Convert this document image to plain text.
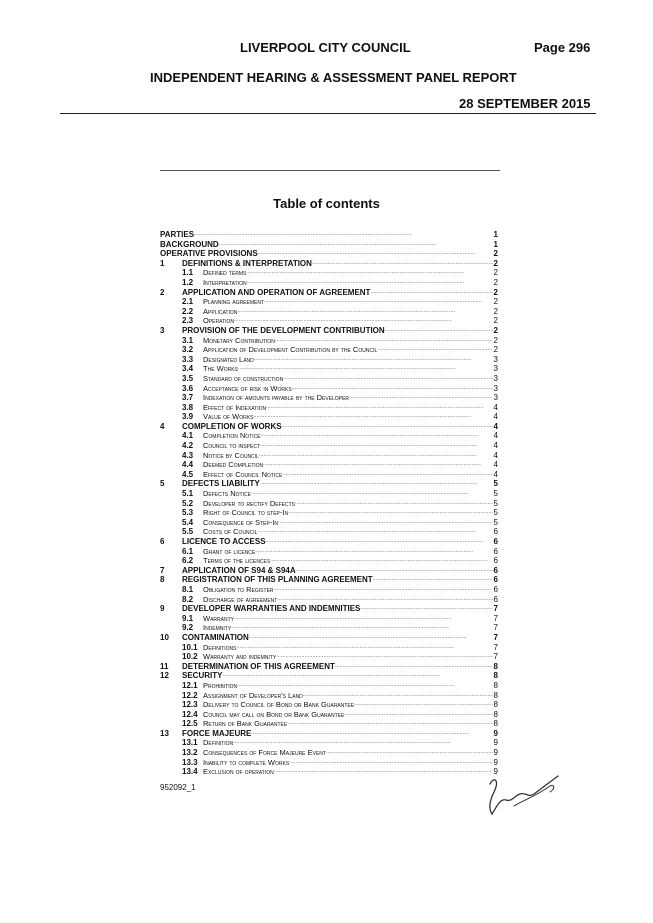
LIVERPOOL CITY COUNCIL	Page 296
INDEPENDENT HEARING & ASSESSMENT PANEL REPORT
28 SEPTEMBER 2015
Table of contents
PARTIES . . .	1
BACKGROUND . . .	1
OPERATIVE PROVISIONS . . .	2
1	DEFINITIONS & INTERPRETATION . . .	2
1.1	Defined terms . . .	2
1.2	Interpretation . . .	2
2	APPLICATION AND OPERATION OF AGREEMENT . . .	2
2.1	Planning agreement . . .	2
2.2	Application . . .	2
2.3	Operation . . .	2
3	PROVISION OF THE DEVELOPMENT CONTRIBUTION . . .	2
3.1	Monetary Contribution . . .	2
3.2	Application of Development Contribution by the Council . . .	2
3.3	Designated Land . . .	3
3.4	The Works . . .	3
3.5	Standard of construction . . .	3
3.6	Acceptance of risk in Works . . .	3
3.7	Indexation of amounts payable by the Developer . . .	3
3.8	Effect of Indexation . . .	4
3.9	Value of Works . . .	4
4	COMPLETION OF WORKS . . .	4
4.1	Completion Notice . . .	4
4.2	Council to inspect . . .	4
4.3	Notice by Council . . .	4
4.4	Deemed Completion . . .	4
4.5	Effect of Council Notice . . .	4
5	DEFECTS LIABILITY . . .	5
5.1	Defects Notice . . .	5
5.2	Developer to rectify Defects . . .	5
5.3	Right of Council to step-In . . .	5
5.4	Consequence of Step-In . . .	5
5.5	Costs of Council . . .	6
6	LICENCE TO ACCESS . . .	6
6.1	Grant of licence . . .	6
6.2	Terms of the licences . . .	6
7	APPLICATION OF S94 & S94A . . .	6
8	REGISTRATION OF THIS PLANNING AGREEMENT . . .	6
8.1	Obligation to Register . . .	6
8.2	Discharge of agreement . . .	6
9	DEVELOPER WARRANTIES AND INDEMNITIES . . .	7
9.1	Warranty . . .	7
9.2	Indemnity . . .	7
10	CONTAMINATION . . .	7
10.1 Definitions . . .	7
10.2 Warranty and indemnity . . .	7
11	DETERMINATION OF THIS AGREEMENT . . .	8
12	SECURITY . . .	8
12.1 Prohibition . . .	8
12.2 Assignment of Developer's Land . . .	8
12.3 Delivery to Council of Bond or Bank Guarantee . . .	8
12.4 Council may call on Bond or Bank Guarantee . . .	8
12.5 Return of Bank Guarantee . . .	8
13	FORCE MAJEURE . . .	9
13.1 Definition . . .	9
13.2 Consequences of Force Majeure Event . . .	9
13.3 Inability to complete Works . . .	9
13.4 Exclusion of operation . . .	9
952092_1
